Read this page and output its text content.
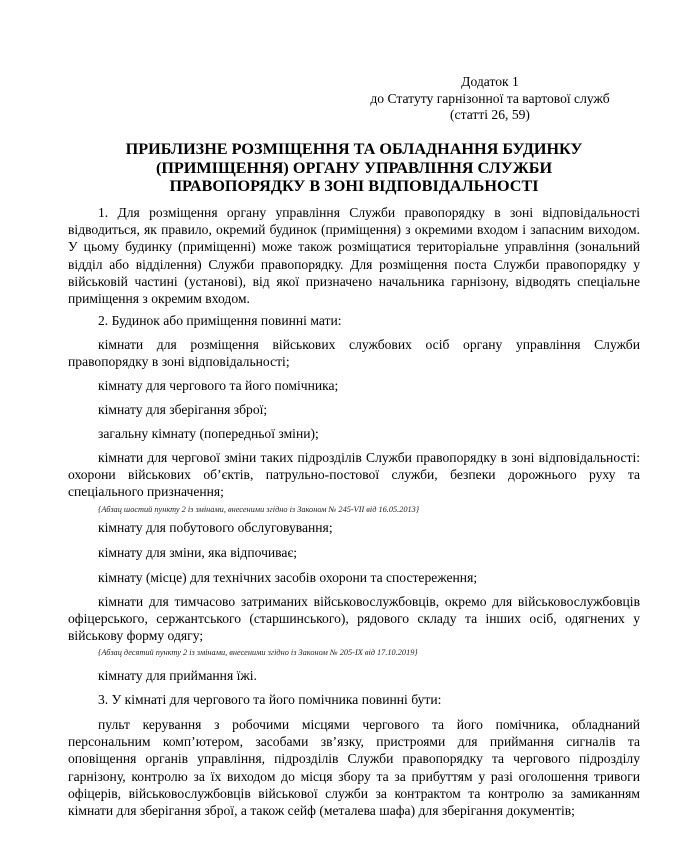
Додаток 1
до Статуту гарнізонної та вартової служб
(статті 26, 59)
ПРИБЛИЗНЕ РОЗМІЩЕННЯ ТА ОБЛАДНАННЯ БУДИНКУ
(ПРИМІЩЕННЯ) ОРГАНУ УПРАВЛІННЯ СЛУЖБИ
ПРАВОПОРЯДКУ В ЗОНІ ВІДПОВІДАЛЬНОСТІ

1. Для розміщення органу управління Служби правопорядку в зоні відповідальності відводиться, як правило, окремий будинок (приміщення) з окремими входом і запасним виходом. У цьому будинку (приміщенні) може також розміщатися територіальне управління (зональний відділ або відділення) Служби правопорядку. Для розміщення поста Служби правопорядку у військовій частині (установі), від якої призначено начальника гарнізону, відводять спеціальне приміщення з окремим входом.

2. Будинок або приміщення повинні мати:

кімнати для розміщення військових службових осіб органу управління Служби правопорядку в зоні відповідальності;

кімнату для чергового та його помічника;

кімнату для зберігання зброї;

загальну кімнату (попередньої зміни);

кімнати для чергової зміни таких підрозділів Служби правопорядку в зоні відповідальності: охорони військових об’єктів, патрульно-постової служби, безпеки дорожнього руху та спеціального призначення;

{Абзац шостий пункту 2 із змінами, внесеними згідно із Законом № 245-VII від 16.05.2013}

кімнату для побутового обслуговування;

кімнату для зміни, яка відпочиває;

кімнату (місце) для технічних засобів охорони та спостереження;

кімнати для тимчасово затриманих військовослужбовців, окремо для військовослужбовців офіцерського, сержантського (старшинського), рядового складу та інших осіб, одягнених у військову форму одягу;

{Абзац десятий пункту 2 із змінами, внесеними згідно із Законом № 205-IX від 17.10.2019}

кімнату для приймання їжі.

3. У кімнаті для чергового та його помічника повинні бути:

пульт керування з робочими місцями чергового та його помічника, обладнаний персональним комп’ютером, засобами зв’язку, пристроями для приймання сигналів та оповіщення органів управління, підрозділів Служби правопорядку та чергового підрозділу гарнізону, контролю за їх виходом до місця збору та за прибуттям у разі оголошення тривоги офіцерів, військовослужбовців військової служби за контрактом та контролю за замиканням кімнати для зберігання зброї, а також сейф (металева шафа) для зберігання документів;
